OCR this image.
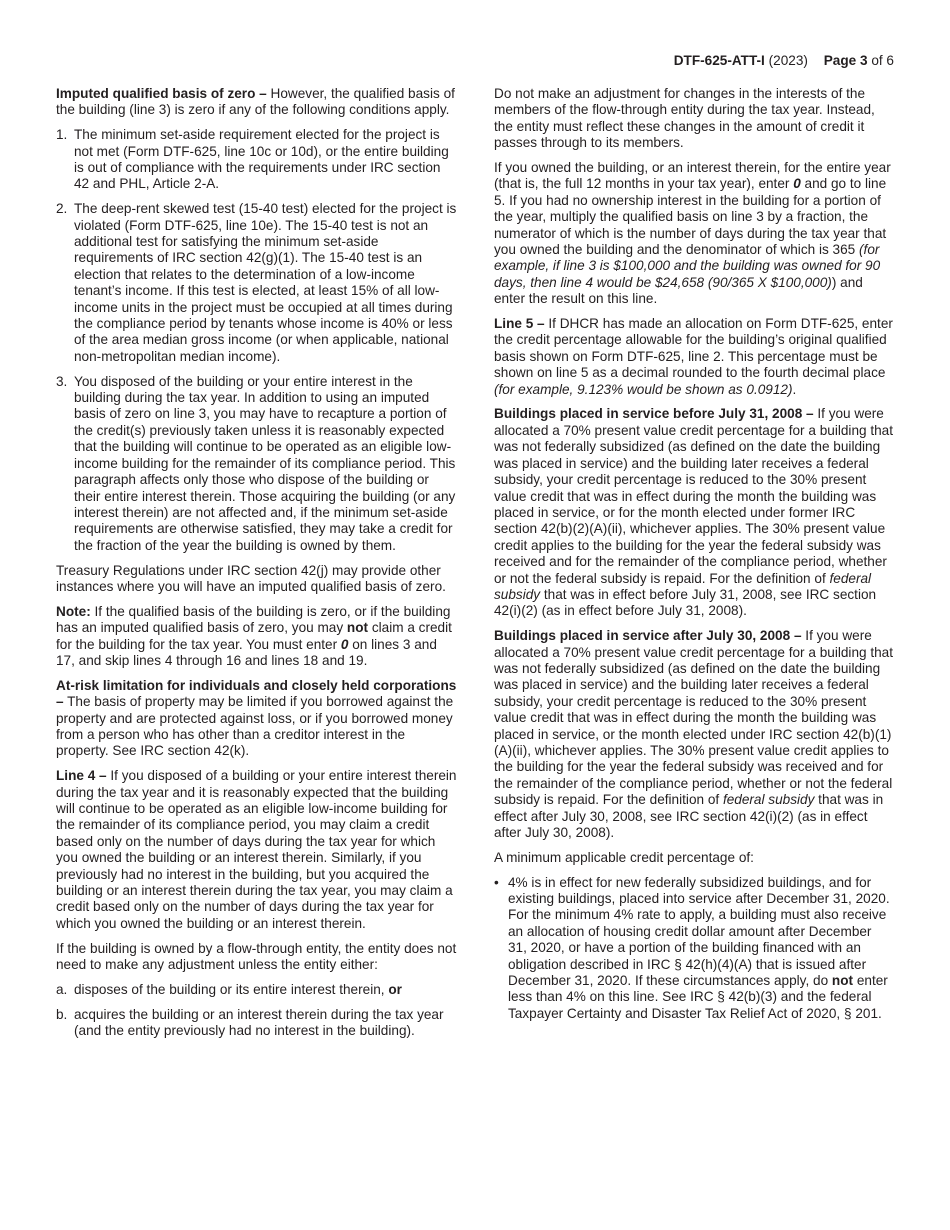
DTF-625-ATT-I (2023) Page 3 of 6

Imputed qualified basis of zero – However, the qualified basis of the building (line 3) is zero if any of the following conditions apply.

1. The minimum set-aside requirement elected for the project is not met (Form DTF-625, line 10c or 10d), or the entire building is out of compliance with the requirements under IRC section 42 and PHL, Article 2-A.
2. The deep-rent skewed test (15-40 test) elected for the project is violated (Form DTF-625, line 10e). The 15-40 test is not an additional test for satisfying the minimum set-aside requirements of IRC section 42(g)(1). The 15-40 test is an election that relates to the determination of a low-income tenant’s income. If this test is elected, at least 15% of all low-income units in the project must be occupied at all times during the compliance period by tenants whose income is 40% or less of the area median gross income (or when applicable, national non-metropolitan median income).
3. You disposed of the building or your entire interest in the building during the tax year. In addition to using an imputed basis of zero on line 3, you may have to recapture a portion of the credit(s) previously taken unless it is reasonably expected that the building will continue to be operated as an eligible low-income building for the remainder of its compliance period. This paragraph affects only those who dispose of the building or their entire interest therein. Those acquiring the building (or any interest therein) are not affected and, if the minimum set-aside requirements are otherwise satisfied, they may take a credit for the fraction of the year the building is owned by them.

Treasury Regulations under IRC section 42(j) may provide other instances where you will have an imputed qualified basis of zero.

Note: If the qualified basis of the building is zero, or if the building has an imputed qualified basis of zero, you may not claim a credit for the building for the tax year. You must enter 0 on lines 3 and 17, and skip lines 4 through 16 and lines 18 and 19.

At-risk limitation for individuals and closely held corporations – The basis of property may be limited if you borrowed against the property and are protected against loss, or if you borrowed money from a person who has other than a creditor interest in the property. See IRC section 42(k).

Line 4 – If you disposed of a building or your entire interest therein during the tax year and it is reasonably expected that the building will continue to be operated as an eligible low-income building for the remainder of its compliance period, you may claim a credit based only on the number of days during the tax year for which you owned the building or an interest therein. Similarly, if you previously had no interest in the building, but you acquired the building or an interest therein during the tax year, you may claim a credit based only on the number of days during the tax year for which you owned the building or an interest therein.

If the building is owned by a flow-through entity, the entity does not need to make any adjustment unless the entity either:

a. disposes of the building or its entire interest therein, or
b. acquires the building or an interest therein during the tax year (and the entity previously had no interest in the building).

Do not make an adjustment for changes in the interests of the members of the flow-through entity during the tax year. Instead, the entity must reflect these changes in the amount of credit it passes through to its members.

If you owned the building, or an interest therein, for the entire year (that is, the full 12 months in your tax year), enter 0 and go to line 5. If you had no ownership interest in the building for a portion of the year, multiply the qualified basis on line 3 by a fraction, the numerator of which is the number of days during the tax year that you owned the building and the denominator of which is 365 (for example, if line 3 is $100,000 and the building was owned for 90 days, then line 4 would be $24,658 (90/365 X $100,000)) and enter the result on this line.

Line 5 – If DHCR has made an allocation on Form DTF-625, enter the credit percentage allowable for the building’s original qualified basis shown on Form DTF-625, line 2. This percentage must be shown on line 5 as a decimal rounded to the fourth decimal place (for example, 9.123% would be shown as 0.0912).

Buildings placed in service before July 31, 2008 – If you were allocated a 70% present value credit percentage for a building that was not federally subsidized (as defined on the date the building was placed in service) and the building later receives a federal subsidy, your credit percentage is reduced to the 30% present value credit that was in effect during the month the building was placed in service, or for the month elected under former IRC section 42(b)(2)(A)(ii), whichever applies. The 30% present value credit applies to the building for the year the federal subsidy was received and for the remainder of the compliance period, whether or not the federal subsidy is repaid. For the definition of federal subsidy that was in effect before July 31, 2008, see IRC section 42(i)(2) (as in effect before July 31, 2008).

Buildings placed in service after July 30, 2008 – If you were allocated a 70% present value credit percentage for a building that was not federally subsidized (as defined on the date the building was placed in service) and the building later receives a federal subsidy, your credit percentage is reduced to the 30% present value credit that was in effect during the month the building was placed in service, or the month elected under IRC section 42(b)(1)(A)(ii), whichever applies. The 30% present value credit applies to the building for the year the federal subsidy was received and for the remainder of the compliance period, whether or not the federal subsidy is repaid. For the definition of federal subsidy that was in effect after July 30, 2008, see IRC section 42(i)(2) (as in effect after July 30, 2008).

A minimum applicable credit percentage of:

• 4% is in effect for new federally subsidized buildings, and for existing buildings, placed into service after December 31, 2020. For the minimum 4% rate to apply, a building must also receive an allocation of housing credit dollar amount after December 31, 2020, or have a portion of the building financed with an obligation described in IRC § 42(h)(4)(A) that is issued after December 31, 2020. If these circumstances apply, do not enter less than 4% on this line. See IRC § 42(b)(3) and the federal Taxpayer Certainty and Disaster Tax Relief Act of 2020, § 201.
